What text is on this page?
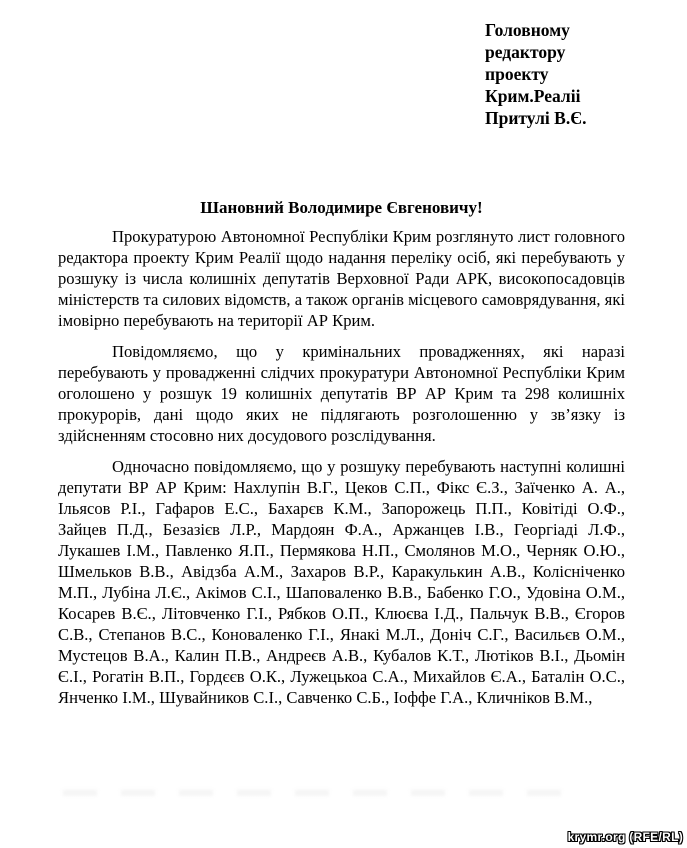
Головному
редактору
проекту
Крим.Реаліі
Притулі В.Є.
Шановний Володимире Євгеновичу!

Прокуратурою Автономної Республіки Крим розглянуто лист головного редактора проекту Крим Реалії щодо надання переліку осіб, які перебувають у розшуку із числа колишніх депутатів Верховної Ради АРК, високопосадовців міністерств та силових відомств, а також органів місцевого самоврядування, які імовірно перебувають на території АР Крим.

Повідомляємо, що у кримінальних провадженнях, які наразі перебувають у провадженні слідчих прокуратури Автономної Республіки Крим оголошено у розшук 19 колишніх депутатів ВР АР Крим та 298 колишніх прокурорів, дані щодо яких не підлягають розголошенню у зв’язку із здійсненням стосовно них досудового розслідування.

Одночасно повідомляємо, що у розшуку перебувають наступні колишні депутати ВР АР Крим: Нахлупін В.Г., Цеков С.П., Фікс Є.З., Заїченко А. А., Ільясов Р.І., Гафаров Е.С., Бахарєв К.М., Запорожець П.П., Ковітіді О.Ф., Зайцев П.Д., Безазієв Л.Р., Мардоян Ф.А., Аржанцев І.В., Георгіаді Л.Ф., Лукашев І.М., Павленко Я.П., Пермякова Н.П., Смолянов М.О., Черняк О.Ю., Шмельков В.В., Авідзба А.М., Захаров В.Р., Каракулькин А.В., Колісніченко М.П., Лубіна Л.Є., Акімов С.І., Шаповаленко В.В., Бабенко Г.О., Удовіна О.М., Косарев В.Є., Літовченко Г.І., Рябков О.П., Клюєва І.Д., Пальчук В.В., Єгоров С.В., Степанов В.С., Коноваленко Г.І., Янакі М.Л., Доніч С.Г., Васильєв О.М., Мустецов В.А., Калин П.В., Андреєв А.В., Кубалов К.Т., Лютіков В.І., Дьомін Є.І., Рогатін В.П., Гордєєв О.К., Лужецькоа С.А., Михайлов Є.А., Баталін О.С., Янченко І.М., Шувайников С.І., Савченко С.Б., Іоффе Г.А., Кличніков В.М.,

krymr.org (RFE/RL)
